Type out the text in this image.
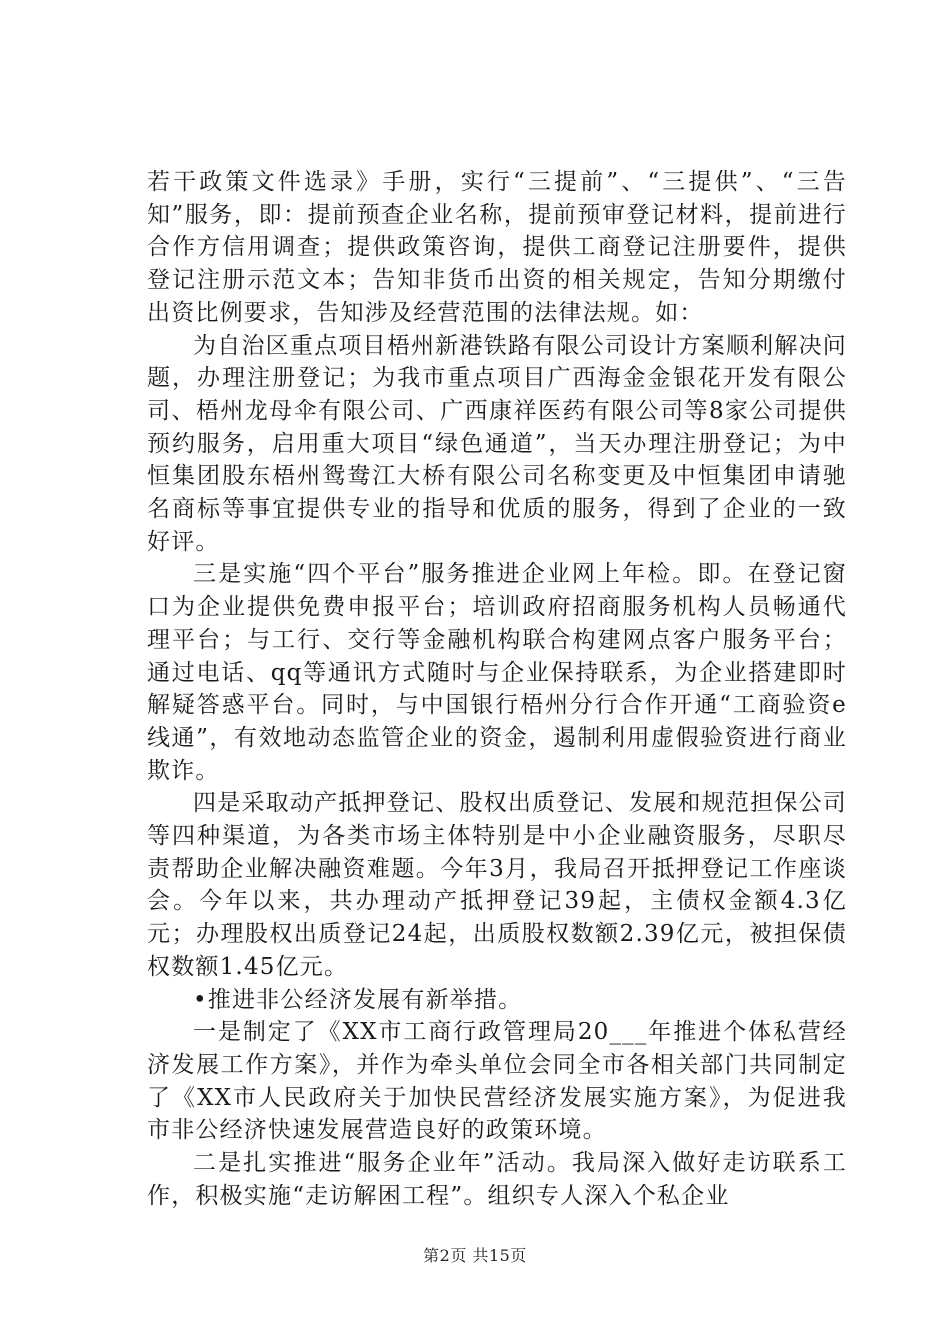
若干政策文件选录》手册，实行“三提前”、“三提供”、“三告知”服务，即：提前预查企业名称，提前预审登记材料，提前进行合作方信用调查；提供政策咨询，提供工商登记注册要件，提供登记注册示范文本；告知非货币出资的相关规定，告知分期缴付出资比例要求，告知涉及经营范围的法律法规。如：

为自治区重点项目梧州新港铁路有限公司设计方案顺利解决问题，办理注册登记；为我市重点项目广西海金金银花开发有限公司、梧州龙母伞有限公司、广西康祥医药有限公司等8家公司提供预约服务，启用重大项目“绿色通道”，当天办理注册登记；为中恒集团股东梧州鸳鸯江大桥有限公司名称变更及中恒集团申请驰名商标等事宜提供专业的指导和优质的服务，得到了企业的一致好评。

三是实施“四个平台”服务推进企业网上年检。即。在登记窗口为企业提供免费申报平台；培训政府招商服务机构人员畅通代理平台；与工行、交行等金融机构联合构建网点客户服务平台；通过电话、qq等通讯方式随时与企业保持联系，为企业搭建即时解疑答惑平台。同时，与中国银行梧州分行合作开通“工商验资e线通”，有效地动态监管企业的资金，遏制利用虚假验资进行商业欺诈。

四是采取动产抵押登记、股权出质登记、发展和规范担保公司等四种渠道，为各类市场主体特别是中小企业融资服务，尽职尽责帮助企业解决融资难题。今年3月，我局召开抵押登记工作座谈会。今年以来，共办理动产抵押登记39起，主债权金额4.3亿元；办理股权出质登记24起，出质股权数额2.39亿元，被担保债权数额1.45亿元。

•推进非公经济发展有新举措。

一是制定了《XX市工商行政管理局20___年推进个体私营经济发展工作方案》，并作为牵头单位会同全市各相关部门共同制定了《XX市人民政府关于加快民营经济发展实施方案》，为促进我市非公经济快速发展营造良好的政策环境。

二是扎实推进“服务企业年”活动。我局深入做好走访联系工作，积极实施“走访解困工程”。组织专人深入个私企业

第2页 共15页
